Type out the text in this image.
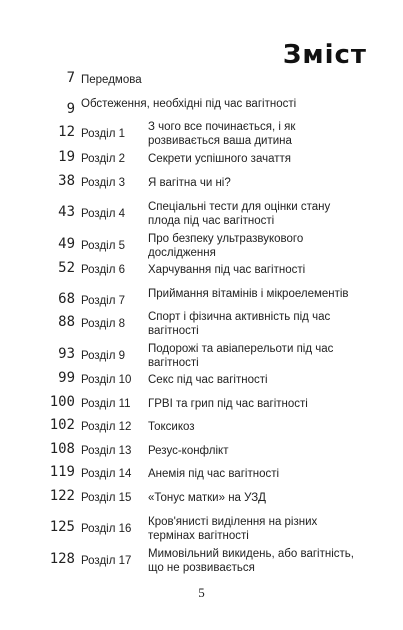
Зміст
7 Передмова
9 Обстеження, необхідні під час вагітності
12 Розділ 1
З чого все починається, і як розвивається ваша дитина
19 Розділ 2 Секрети успішного зачаття
38 Розділ 3 Я вагітна чи ні?
43 Розділ 4
Спеціальні тести для оцінки стану плода під час вагітності
49 Розділ 5
Про безпеку ультразвукового дослідження
52 Розділ 6 Харчування під час вагітності
68 Розділ 7
Приймання вітамінів і мікроелементів
88 Розділ 8
Спорт і фізична активність під час вагітності
93 Розділ 9
Подорожі та авіаперельоти під час вагітності
99 Розділ 10 Секс під час вагітності
100 Розділ 11 ГРВІ та грип під час вагітності
102 Розділ 12 Токсикоз
108 Розділ 13 Резус-конфлікт
119 Розділ 14 Анемія під час вагітності
122 Розділ 15 «Тонус матки» на УЗД
125 Розділ 16
Кров'янисті виділення на різних термінах вагітності
128 Розділ 17
Мимовільний викидень, або вагітність, що не розвивається
5
